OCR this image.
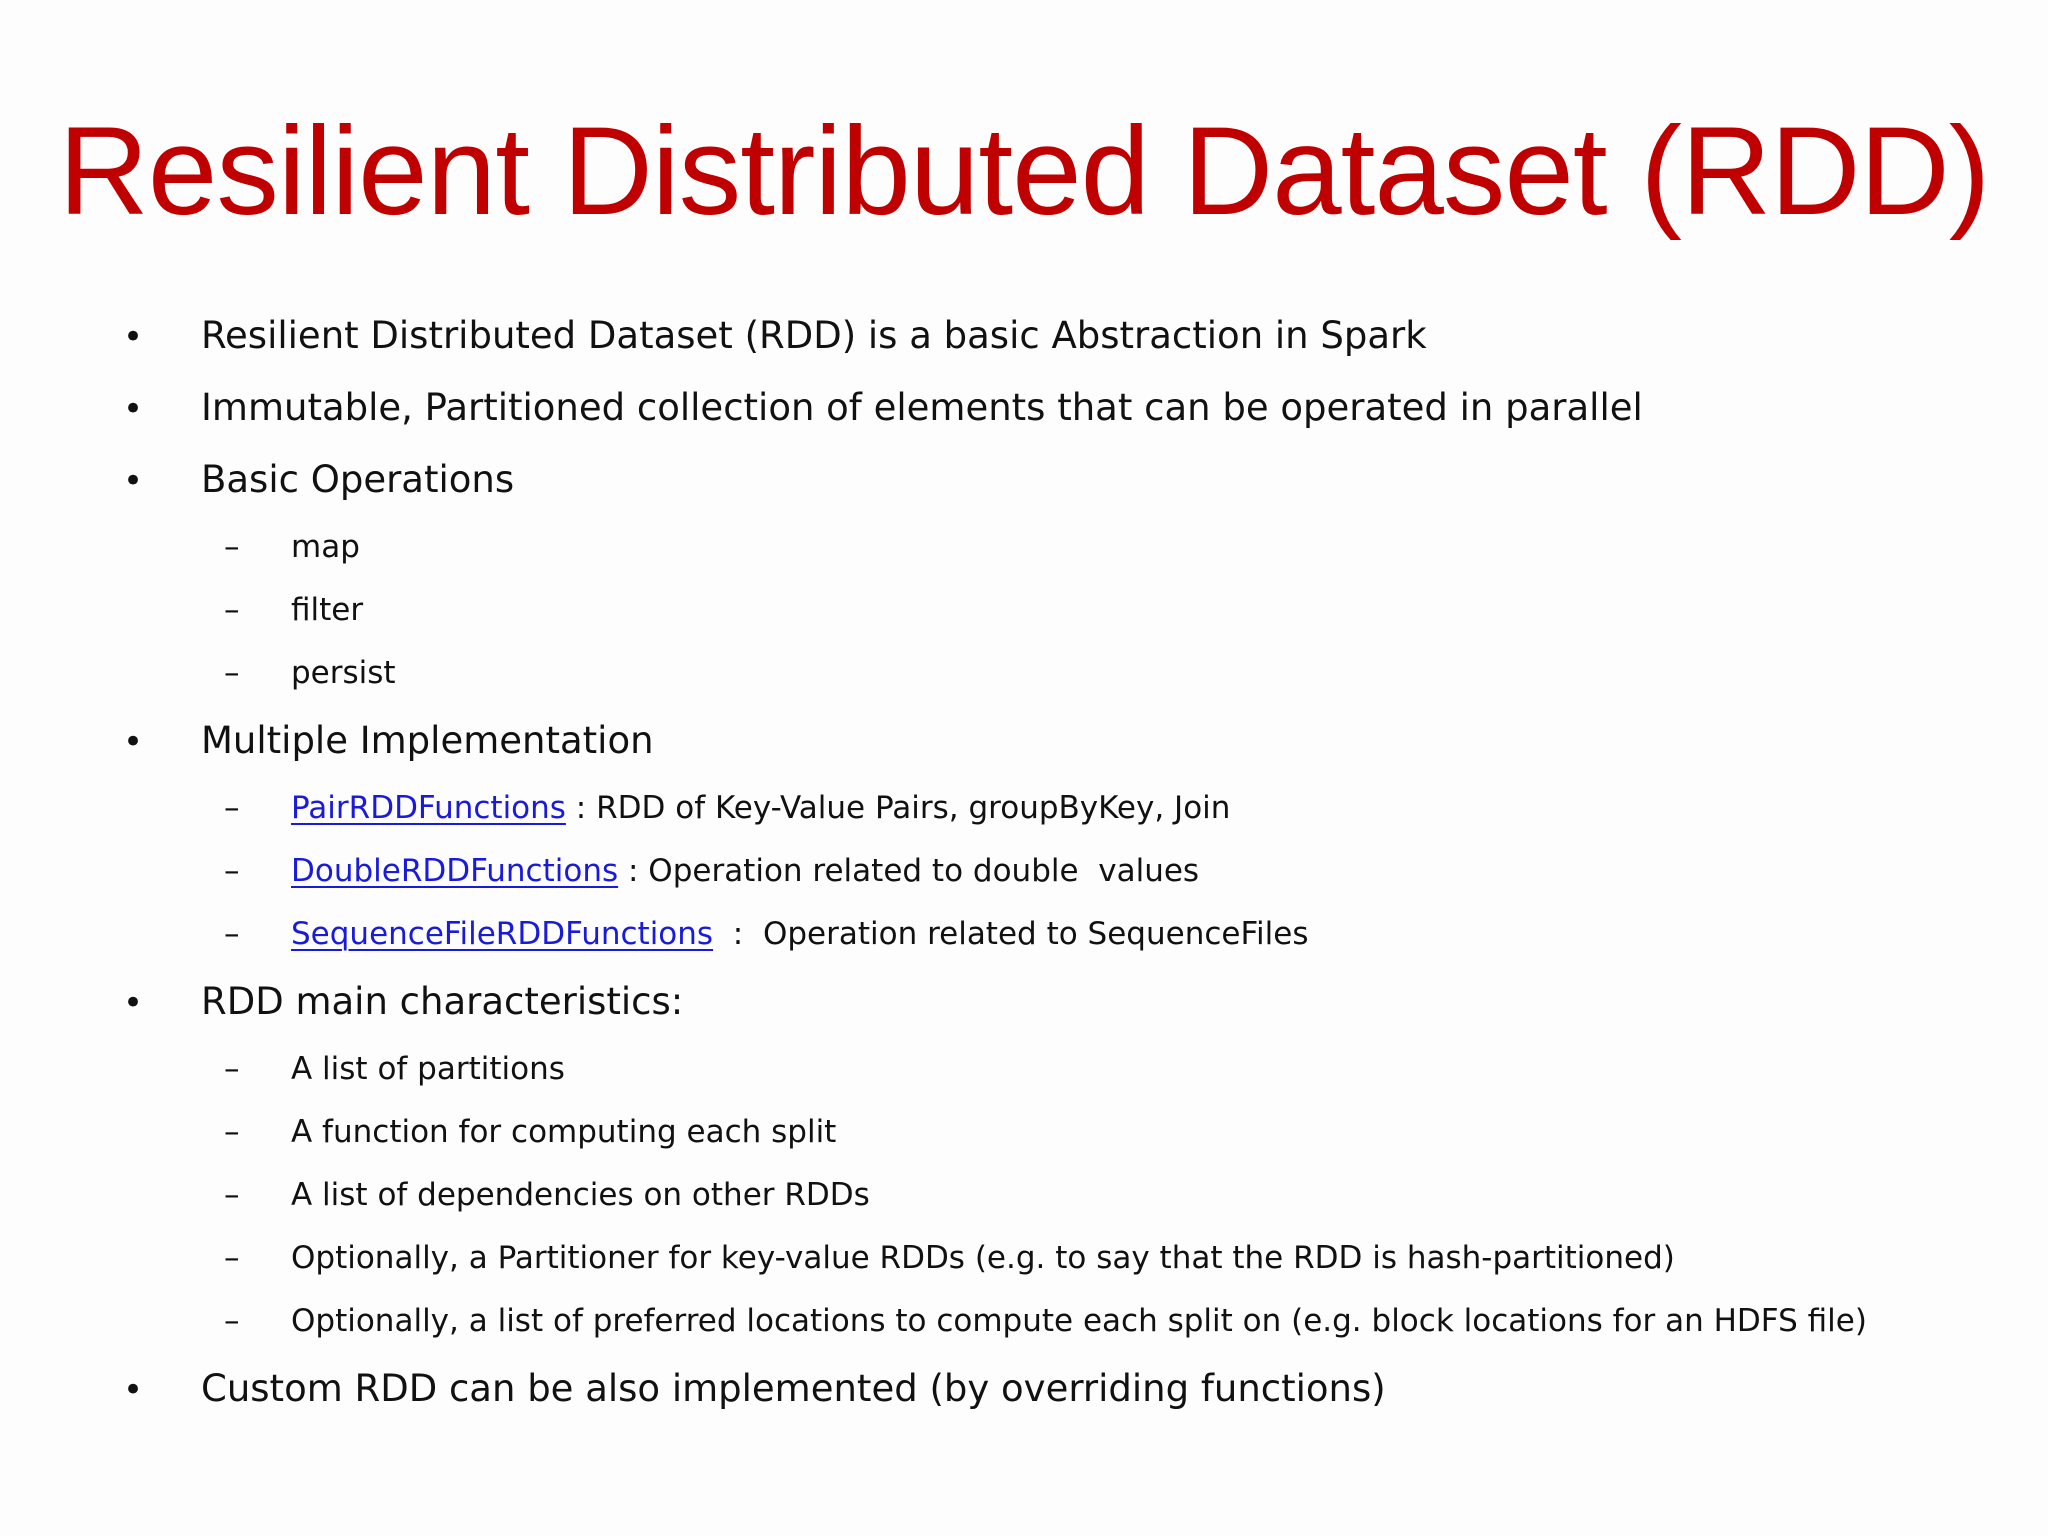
Resilient Distributed Dataset (RDD)
•	Resilient Distributed Dataset (RDD) is a basic Abstraction in Spark
•	Immutable, Partitioned collection of elements that can be operated in parallel
•	Basic Operations
–	map
–	filter
–	persist
•	Multiple Implementation
–	PairRDDFunctions : RDD of Key-Value Pairs, groupByKey, Join
–	DoubleRDDFunctions : Operation related to double  values
–	SequenceFileRDDFunctions  :  Operation related to SequenceFiles
•	RDD main characteristics:
–	A list of partitions
–	A function for computing each split
–	A list of dependencies on other RDDs
–	Optionally, a Partitioner for key-value RDDs (e.g. to say that the RDD is hash-partitioned)
–	Optionally, a list of preferred locations to compute each split on (e.g. block locations for an HDFS file)
•	Custom RDD can be also implemented (by overriding functions)
